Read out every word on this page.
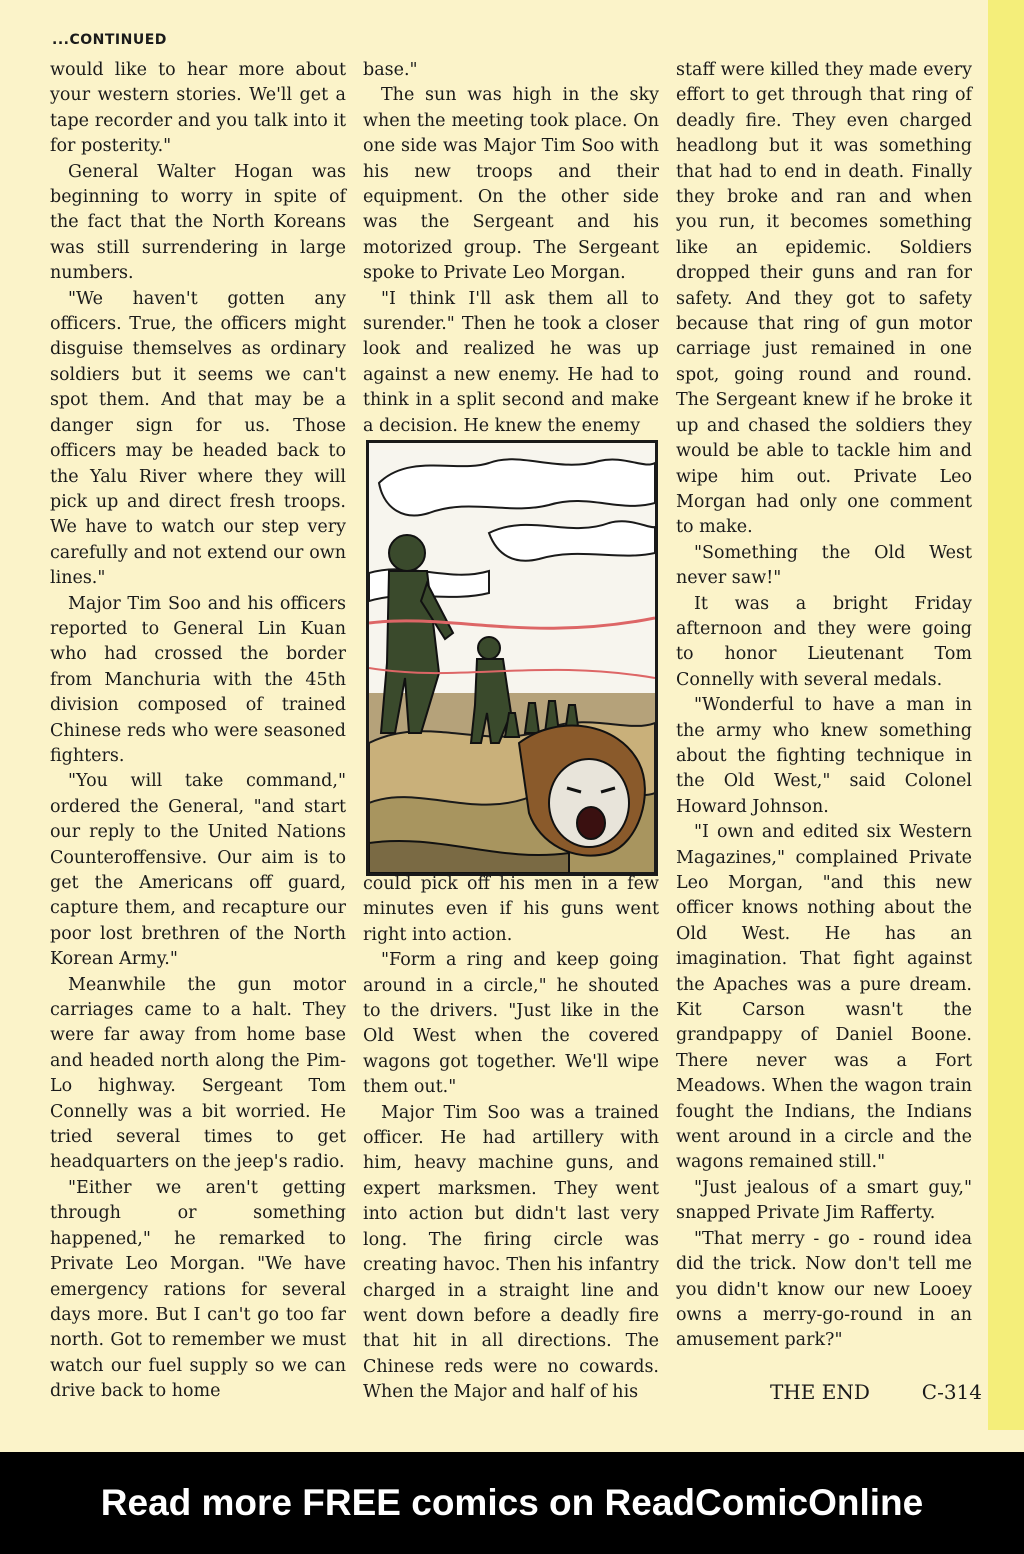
...CONTINUED

would like to hear more about your western stories. We'll get a tape recorder and you talk into it for posterity."

General Walter Hogan was beginning to worry in spite of the fact that the North Koreans was still surrendering in large numbers.

"We haven't gotten any officers. True, the officers might disguise themselves as ordinary soldiers but it seems we can't spot them. And that may be a danger sign for us. Those officers may be headed back to the Yalu River where they will pick up and direct fresh troops. We have to watch our step very carefully and not extend our own lines."

Major Tim Soo and his officers reported to General Lin Kuan who had crossed the border from Manchuria with the 45th division composed of trained Chinese reds who were seasoned fighters.

"You will take command," ordered the General, "and start our reply to the United Nations Counteroffensive. Our aim is to get the Americans off guard, capture them, and recapture our poor lost brethren of the North Korean Army."

Meanwhile the gun motor carriages came to a halt. They were far away from home base and headed north along the Pim-Lo highway. Sergeant Tom Connelly was a bit worried. He tried several times to get headquarters on the jeep's radio.

"Either we aren't getting through or something happened," he remarked to Private Leo Morgan. "We have emergency rations for several days more. But I can't go too far north. Got to remember we must watch our fuel supply so we can drive back to home

base."

The sun was high in the sky when the meeting took place. On one side was Major Tim Soo with his new troops and their equipment. On the other side was the Sergeant and his motorized group. The Sergeant spoke to Private Leo Morgan.

"I think I'll ask them all to surender." Then he took a closer look and realized he was up against a new enemy. He had to think in a split second and make a decision. He knew the enemy

could pick off his men in a few minutes even if his guns went right into action.

"Form a ring and keep going around in a circle," he shouted to the drivers. "Just like in the Old West when the covered wagons got together. We'll wipe them out."

Major Tim Soo was a trained officer. He had artillery with him, heavy machine guns, and expert marksmen. They went into action but didn't last very long. The firing circle was creating havoc. Then his infantry charged in a straight line and went down before a deadly fire that hit in all directions. The Chinese reds were no cowards. When the Major and half of his

staff were killed they made every effort to get through that ring of deadly fire. They even charged headlong but it was something that had to end in death. Finally they broke and ran and when you run, it becomes something like an epidemic. Soldiers dropped their guns and ran for safety. And they got to safety because that ring of gun motor carriage just remained in one spot, going round and round. The Sergeant knew if he broke it up and chased the soldiers they would be able to tackle him and wipe him out. Private Leo Morgan had only one comment to make.

"Something the Old West never saw!"

It was a bright Friday afternoon and they were going to honor Lieutenant Tom Connelly with several medals.

"Wonderful to have a man in the army who knew something about the fighting technique in the Old West," said Colonel Howard Johnson.

"I own and edited six Western Magazines," complained Private Leo Morgan, "and this new officer knows nothing about the Old West. He has an imagination. That fight against the Apaches was a pure dream. Kit Carson wasn't the grandpappy of Daniel Boone. There never was a Fort Meadows. When the wagon train fought the Indians, the Indians went around in a circle and the wagons remained still."

"Just jealous of a smart guy," snapped Private Jim Rafferty.

"That merry - go - round idea did the trick. Now don't tell me you didn't know our new Looey owns a merry-go-round in an amusement park?"

THE END	C-314
Read more FREE comics on ReadComicOnline
